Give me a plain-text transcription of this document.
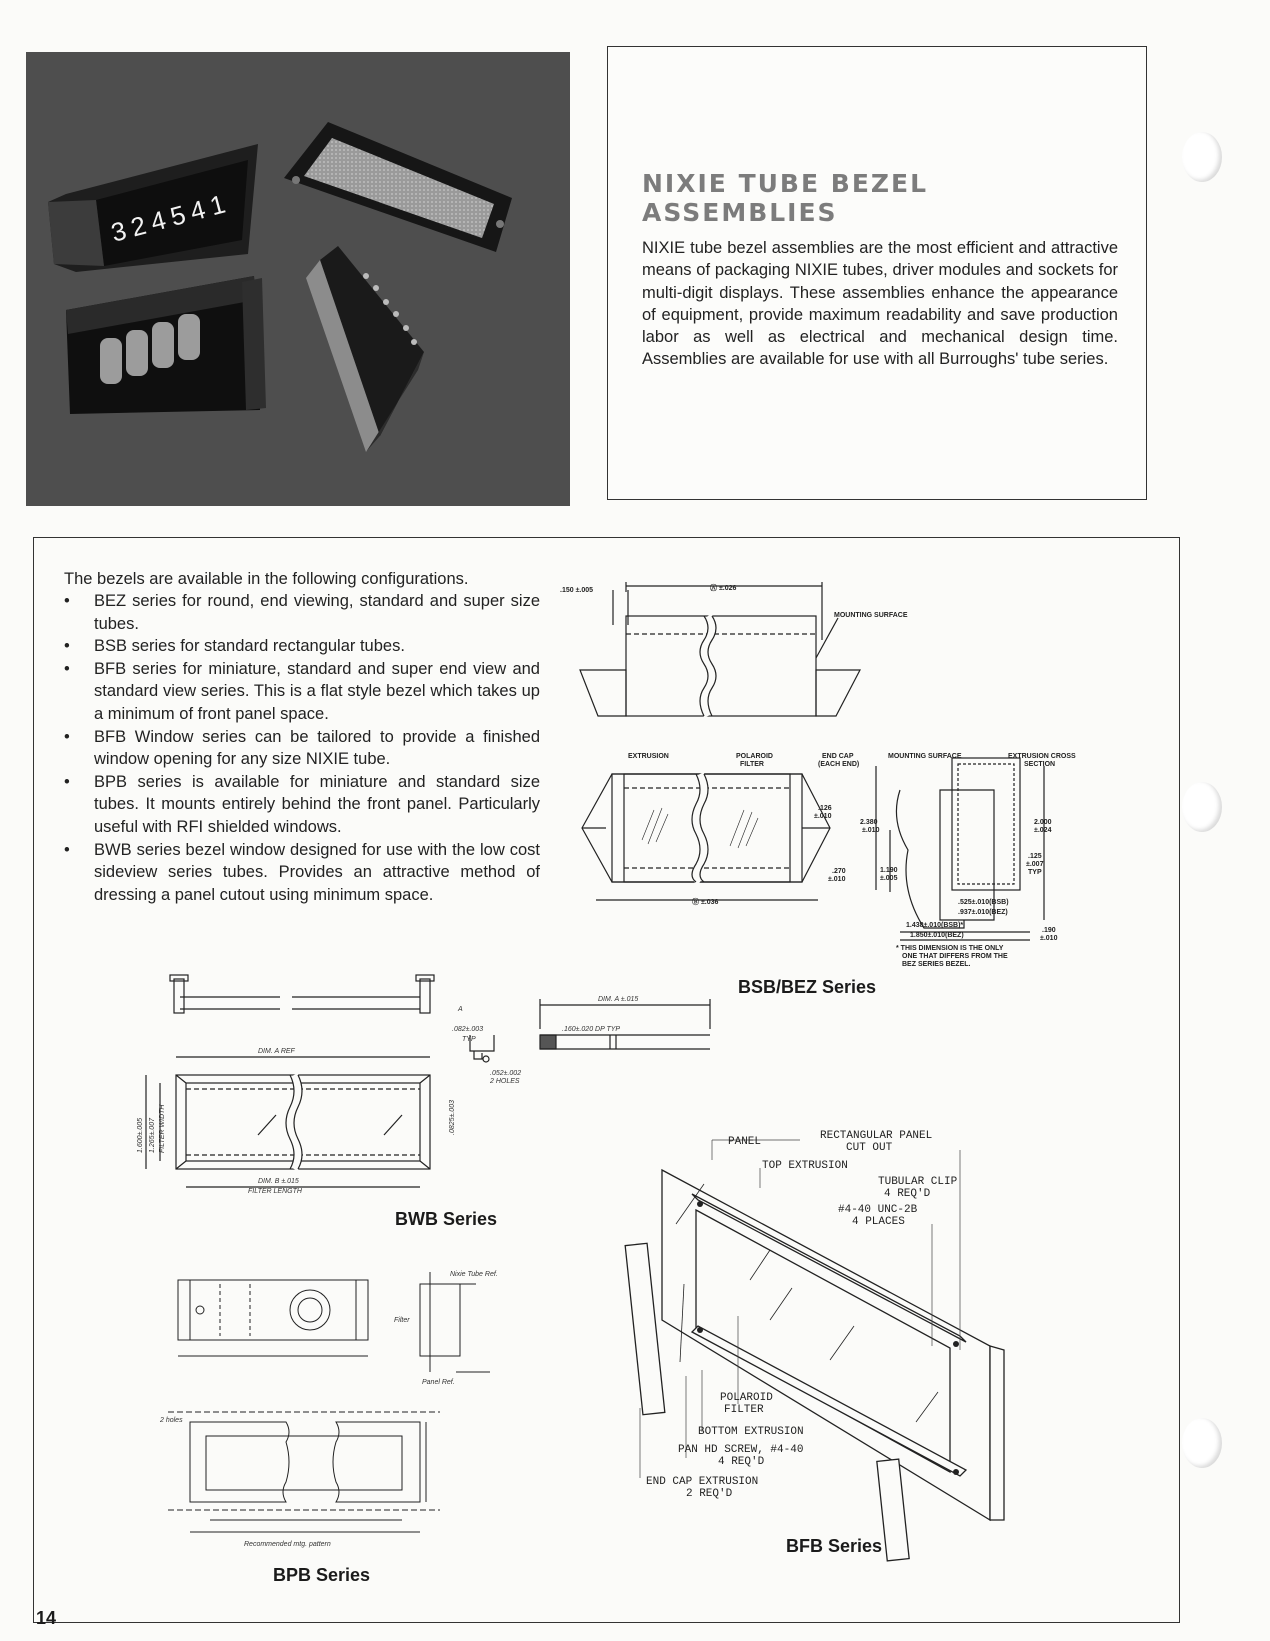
324541
NIXIE TUBE BEZEL
ASSEMBLIES

NIXIE tube bezel assemblies are the most efficient and attractive means of packaging NIXIE tubes, driver modules and sockets for multi-digit displays. These assemblies enhance the appearance of equipment, provide maximum readability and save production labor as well as electrical and mechanical design time. Assemblies are available for use with all Burroughs' tube series.

The bezels are available in the following configurations.

• BEZ series for round, end viewing, standard and super size tubes.
• BSB series for standard rectangular tubes.
• BFB series for miniature, standard and super end view and standard view series. This is a flat style bezel which takes up a minimum of front panel space.
• BFB Window series can be tailored to provide a finished window opening for any size NIXIE tube.
• BPB series is available for miniature and standard size tubes. It mounts entirely behind the front panel. Particularly useful with RFI shielded windows.
• BWB series bezel window designed for use with the low cost sideview series tubes. Provides an attractive method of dressing a panel cutout using minimum space.
.150 ±.005	Ⓐ ±.026
MOUNTING SURFACE
EXTRUSION	POLAROID
FILTER
END CAP
(EACH END)
MOUNTING SURFACE	EXTRUSION CROSS
SECTION
.126
±.010
.270
±.010
2.380
±.010
1.190
±.005
2.000
±.024
.125
±.007
TYP
.525±.010(BSB)
.937±.010(BEZ)
1.438±.010(BSB)*
1.850±.010(BEZ)
.190
±.010
Ⓑ ±.036
* THIS DIMENSION IS THE ONLY
ONE THAT DIFFERS FROM THE
BEZ SERIES BEZEL.
BSB/BEZ Series
DIM. A REF
DIM. A ±.015
.082±.003	.160±.020 DP TYP
.052±.002
2 HOLES
A
TYP
DIM. B ±.015
FILTER LENGTH
1.600±.005 1.265±.007 FILTER WIDTH	.0825±.003
BWB Series
Nixie Tube Ref.
Filter
Panel Ref.
2 holes
Recommended mtg. pattern
BPB Series
PANEL
TOP EXTRUSION
RECTANGULAR PANEL
CUT OUT
TUBULAR CLIP
4 REQ'D
#4-40 UNC-2B
4 PLACES
POLAROID
FILTER
BOTTOM EXTRUSION
PAN HD SCREW, #4-40
4 REQ'D
END CAP EXTRUSION
2 REQ'D
BFB Series
14
